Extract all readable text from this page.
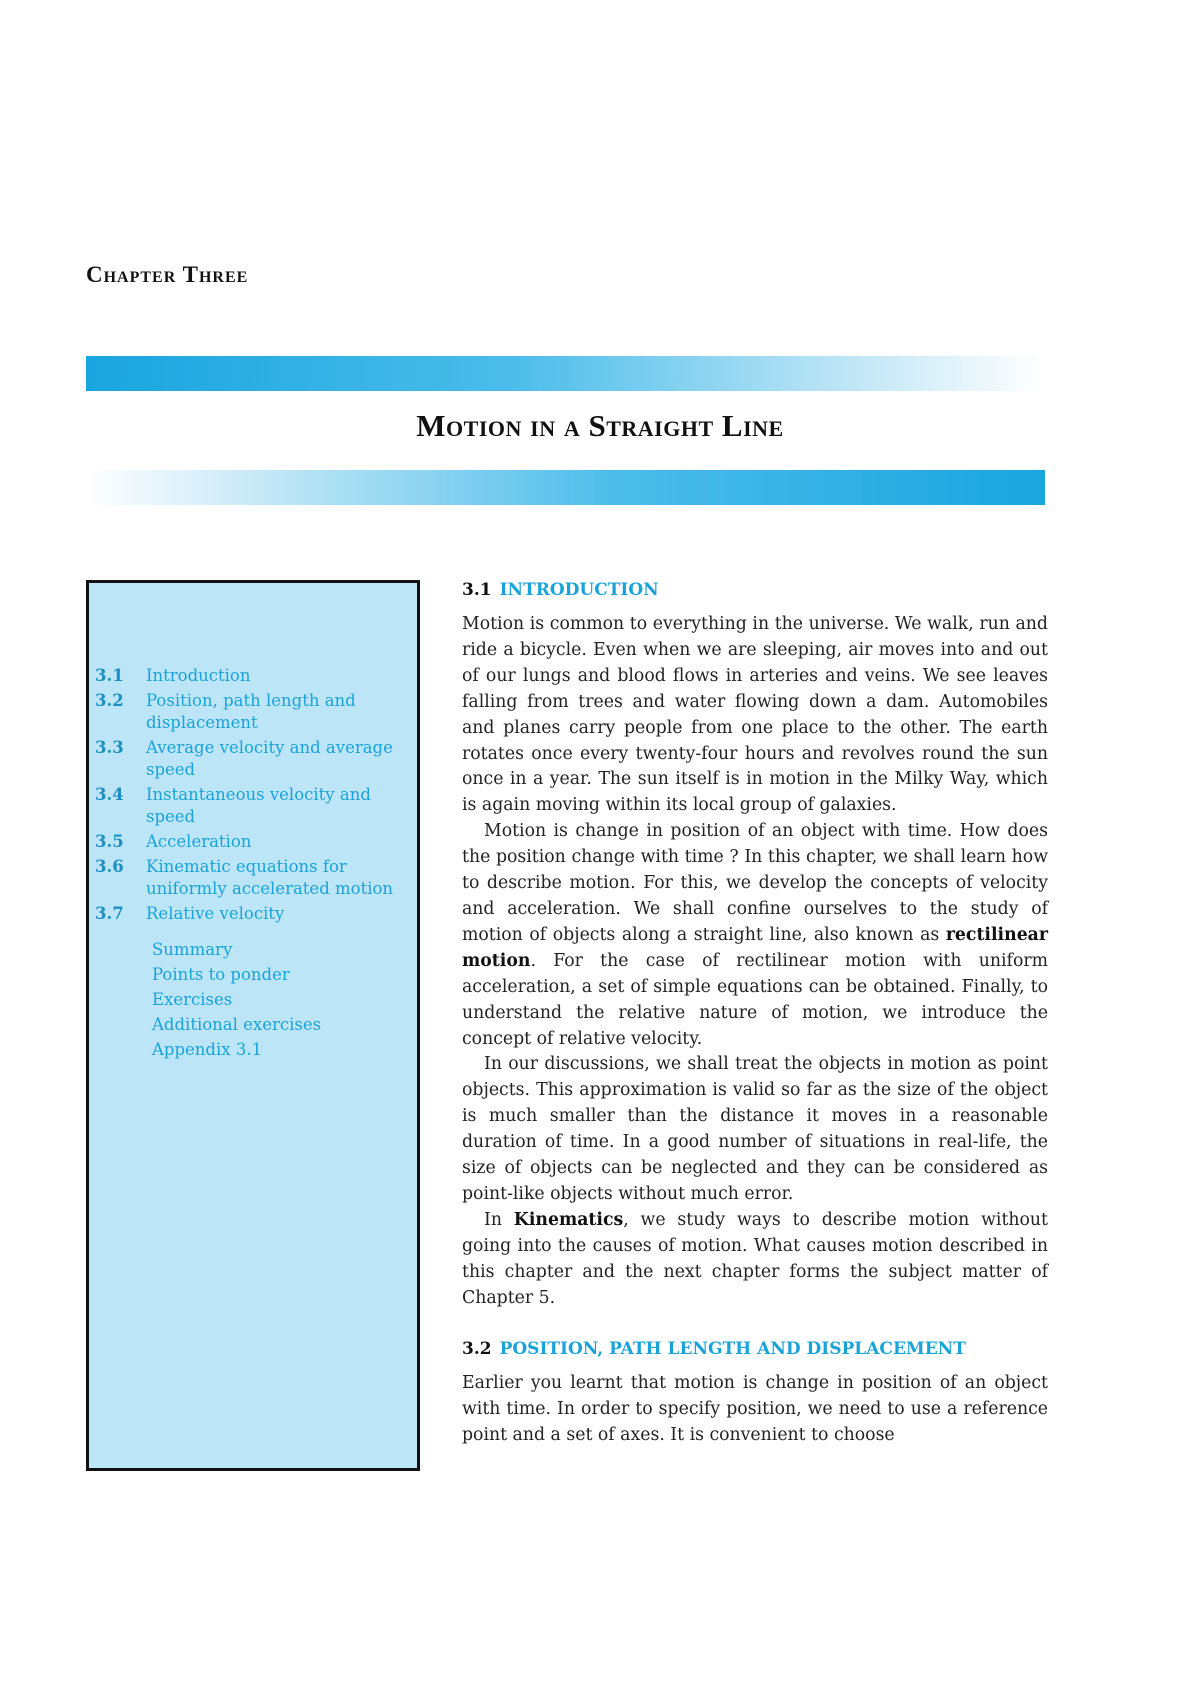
Chapter Three
Motion in a Straight Line
3.1	Introduction
3.2	Position, path length and displacement
3.3	Average velocity and average speed
3.4	Instantaneous velocity and speed
3.5	Acceleration
3.6	Kinematic equations for uniformly accelerated motion
3.7	Relative velocity
Summary
Points to ponder
Exercises
Additional exercises
Appendix 3.1
3.1 INTRODUCTION

Motion is common to everything in the universe. We walk, run and ride a bicycle. Even when we are sleeping, air moves into and out of our lungs and blood flows in arteries and veins. We see leaves falling from trees and water flowing down a dam. Automobiles and planes carry people from one place to the other. The earth rotates once every twenty-four hours and revolves round the sun once in a year. The sun itself is in motion in the Milky Way, which is again moving within its local group of galaxies.

Motion is change in position of an object with time. How does the position change with time ? In this chapter, we shall learn how to describe motion. For this, we develop the concepts of velocity and acceleration. We shall confine ourselves to the study of motion of objects along a straight line, also known as rectilinear motion. For the case of rectilinear motion with uniform acceleration, a set of simple equations can be obtained. Finally, to understand the relative nature of motion, we introduce the concept of relative velocity.

In our discussions, we shall treat the objects in motion as point objects. This approximation is valid so far as the size of the object is much smaller than the distance it moves in a reasonable duration of time. In a good number of situations in real-life, the size of objects can be neglected and they can be considered as point-like objects without much error.

In Kinematics, we study ways to describe motion without going into the causes of motion. What causes motion described in this chapter and the next chapter forms the subject matter of Chapter 5.

3.2 POSITION, PATH LENGTH AND DISPLACEMENT

Earlier you learnt that motion is change in position of an object with time. In order to specify position, we need to use a reference point and a set of axes. It is convenient to choose
